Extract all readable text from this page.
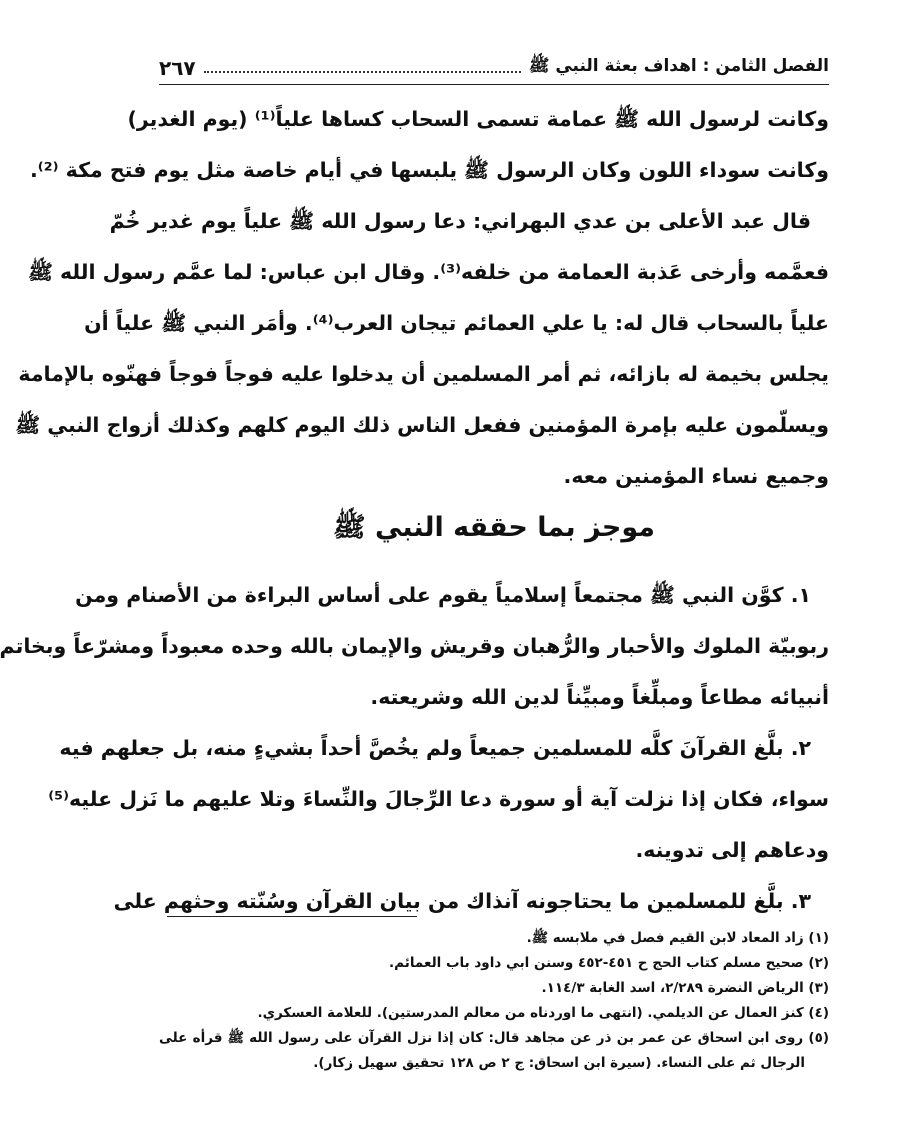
الفصل الثامن : اهداف بعثة النبي ﷺ
٢٦٧
وكانت لرسول الله ﷺ عمامة تسمى السحاب كساها علياً⁽¹⁾ (يوم الغدير)
وكانت سوداء اللون وكان الرسول ﷺ يلبسها في أيام خاصة مثل يوم فتح مكة ⁽²⁾.
قال عبد الأعلى بن عدي البهراني: دعا رسول الله ﷺ علياً يوم غدير خُمّ
فعمَّمه وأرخى عَذبة العمامة من خلفه⁽³⁾. وقال ابن عباس: لما عمَّم رسول الله ﷺ
علياً بالسحاب قال له: يا علي العمائم تيجان العرب⁽⁴⁾. وأمَر النبي ﷺ علياً أن
يجلس بخيمة له بازائه، ثم أمر المسلمين أن يدخلوا عليه فوجاً فوجاً فهنّوه بالإمامة
ويسلّمون عليه بإمرة المؤمنين ففعل الناس ذلك اليوم كلهم وكذلك أزواج النبي ﷺ
وجميع نساء المؤمنين معه.
موجز بما حققه النبي ﷺ
١. كوَّن النبي ﷺ مجتمعاً إسلامياً يقوم على أساس البراءة من الأصنام ومن
ربوبيّة الملوك والأحبار والرُّهبان وقريش والإيمان بالله وحده معبوداً ومشرّعاً وبخاتم
أنبيائه مطاعاً ومبلِّغاً ومبيِّناً لدين الله وشريعته.
٢. بلَّغ القرآنَ كلَّه للمسلمين جميعاً ولم يخُصَّ أحداً بشيءٍ منه، بل جعلهم فيه
سواء، فكان إذا نزلت آية أو سورة دعا الرِّجالَ والنِّساءَ وتلا عليهم ما نَزل عليه⁽⁵⁾
ودعاهم إلى تدوينه.
٣. بلَّغ للمسلمين ما يحتاجونه آنذاك من بيان القرآن وسُنّته وحثهم على
(١) زاد المعاد لابن القيم فصل في ملابسه ﷺ.
(٢) صحيح مسلم كتاب الحج ح ٤٥١-٤٥٢ وسنن ابي داود باب العمائم.
(٣) الرياض النضرة ٢/٢٨٩، اسد الغابة ١١٤/٣.
(٤) كنز العمال عن الديلمي. (انتهى ما اوردناه من معالم المدرستين). للعلامة العسكري.
(٥) روى ابن اسحاق عن عمر بن ذر عن مجاهد قال: كان إذا نزل القرآن على رسول الله ﷺ قرأه على
الرجال ثم على النساء. (سيرة ابن اسحاق: ج ٢ ص ١٢٨ تحقيق سهيل زكار).
